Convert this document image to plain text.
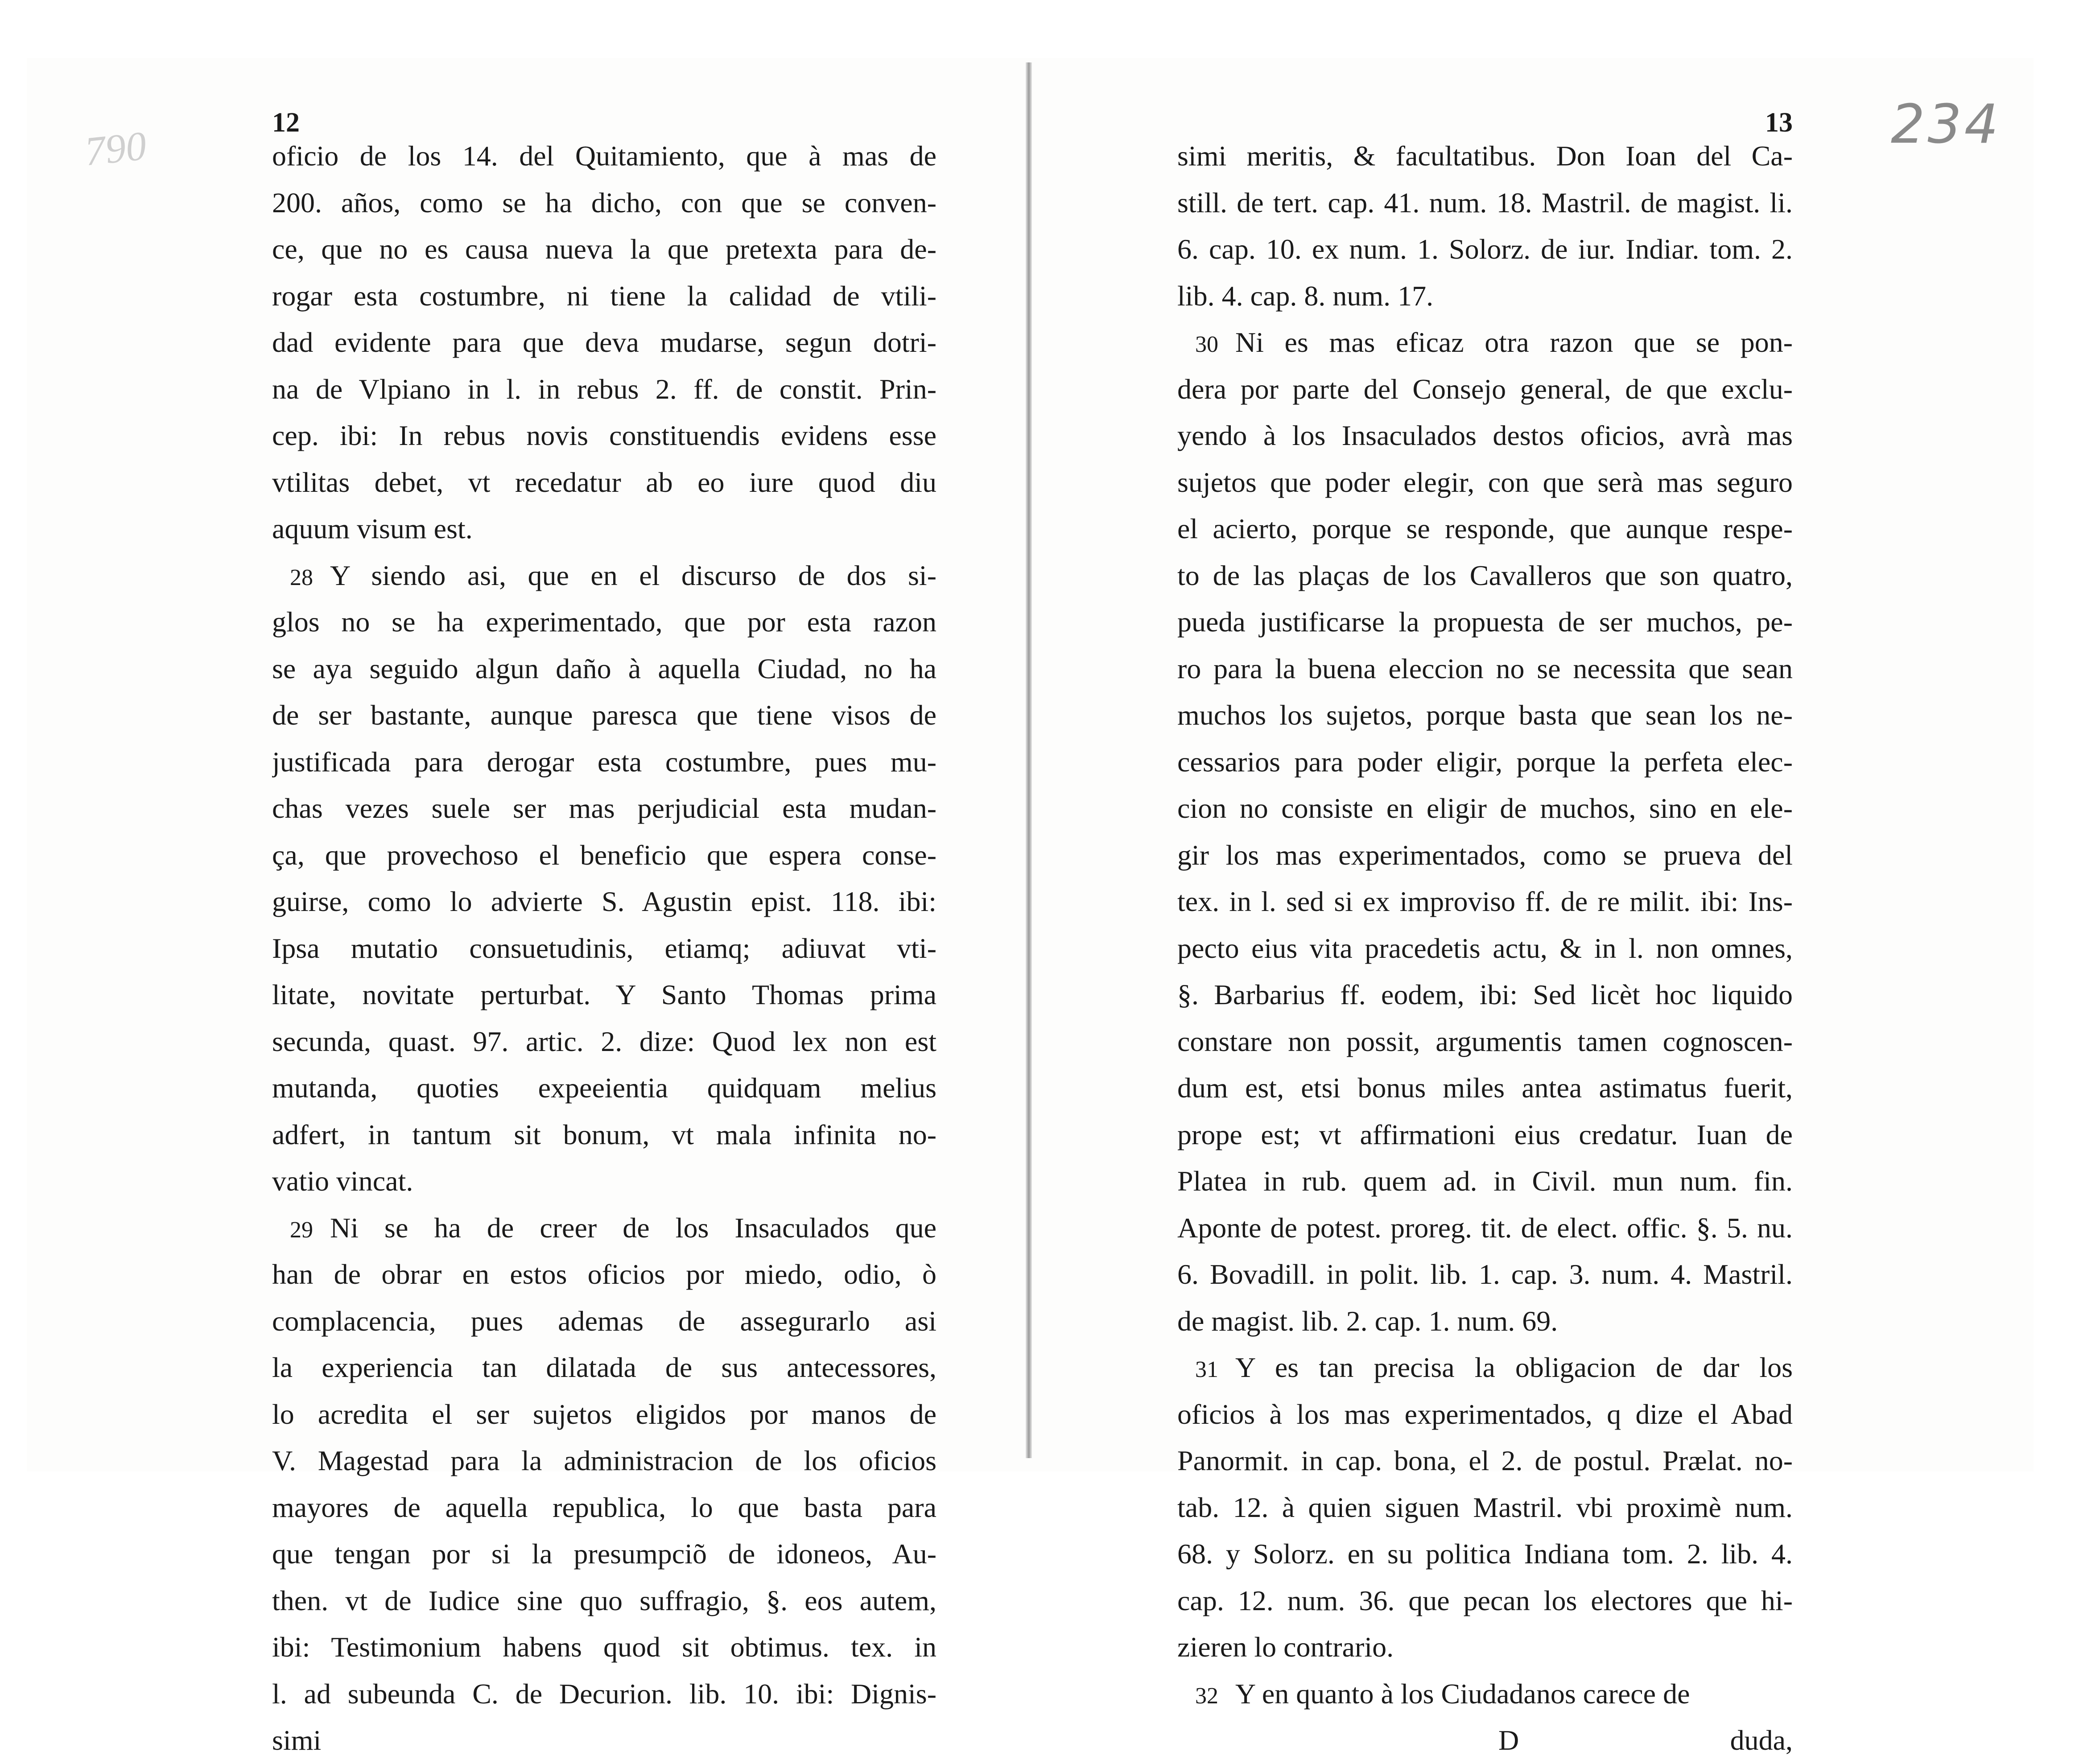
790	234
12
oficio de los 14. del Quitamiento, que à mas de
200. años, como se ha dicho, con que se conven-
ce, que no es causa nueva la que pretexta para de-
rogar esta costumbre, ni tiene la calidad de vtili-
dad evidente para que deva mudarse, segun dotri-
na de Vlpiano in l. in rebus 2. ff. de constit. Prin-
cep. ibi: In rebus novis constituendis evidens esse
vtilitas debet, vt recedatur ab eo iure quod diu
aquum visum est.
28 Y siendo asi, que en el discurso de dos si-
glos no se ha experimentado, que por esta razon
se aya seguido algun daño à aquella Ciudad, no ha
de ser bastante, aunque paresca que tiene visos de
justificada para derogar esta costumbre, pues mu-
chas vezes suele ser mas perjudicial esta mudan-
ça, que provechoso el beneficio que espera conse-
guirse, como lo advierte S. Agustin epist. 118. ibi:
Ipsa mutatio consuetudinis, etiamq; adiuvat vti-
litate, novitate perturbat. Y Santo Thomas prima
secunda, quast. 97. artic. 2. dize: Quod lex non est
mutanda, quoties expeeientia quidquam melius
adfert, in tantum sit bonum, vt mala infinita no-
vatio vincat.
29 Ni se ha de creer de los Insaculados que
han de obrar en estos oficios por miedo, odio, ò
complacencia, pues ademas de assegurarlo asi
la experiencia tan dilatada de sus antecessores,
lo acredita el ser sujetos eligidos por manos de
V. Magestad para la administracion de los oficios
mayores de aquella republica, lo que basta para
que tengan por si la presumpciõ de idoneos, Au-
then. vt de Iudice sine quo suffragio, §. eos autem,
ibi: Testimonium habens quod sit obtimus. tex. in
l. ad subeunda C. de Decurion. lib. 10. ibi: Dignis-
simi
13
simi meritis, & facultatibus. Don Ioan del Ca-
still. de tert. cap. 41. num. 18. Mastril. de magist. li.
6. cap. 10. ex num. 1. Solorz. de iur. Indiar. tom. 2.
lib. 4. cap. 8. num. 17.
30 Ni es mas eficaz otra razon que se pon-
dera por parte del Consejo general, de que exclu-
yendo à los Insaculados destos oficios, avrà mas
sujetos que poder elegir, con que serà mas seguro
el acierto, porque se responde, que aunque respe-
to de las plaças de los Cavalleros que son quatro,
pueda justificarse la propuesta de ser muchos, pe-
ro para la buena eleccion no se necessita que sean
muchos los sujetos, porque basta que sean los ne-
cessarios para poder eligir, porque la perfeta elec-
cion no consiste en eligir de muchos, sino en ele-
gir los mas experimentados, como se prueva del
tex. in l. sed si ex improviso ff. de re milit. ibi: Ins-
pecto eius vita pracedetis actu, & in l. non omnes,
§. Barbarius ff. eodem, ibi: Sed licèt hoc liquido
constare non possit, argumentis tamen cognoscen-
dum est, etsi bonus miles antea astimatus fuerit,
prope est; vt affirmationi eius credatur. Iuan de
Platea in rub. quem ad. in Civil. mun num. fin.
Aponte de potest. proreg. tit. de elect. offic. §. 5. nu.
6. Bovadill. in polit. lib. 1. cap. 3. num. 4. Mastril.
de magist. lib. 2. cap. 1. num. 69.
31 Y es tan precisa la obligacion de dar los
oficios à los mas experimentados, q dize el Abad
Panormit. in cap. bona, el 2. de postul. Prælat. no-
tab. 12. à quien siguen Mastril. vbi proximè num.
68. y Solorz. en su politica Indiana tom. 2. lib. 4.
cap. 12. num. 36. que pecan los electores que hi-
zieren lo contrario.
32 Y en quanto à los Ciudadanos carece de
D	duda,
